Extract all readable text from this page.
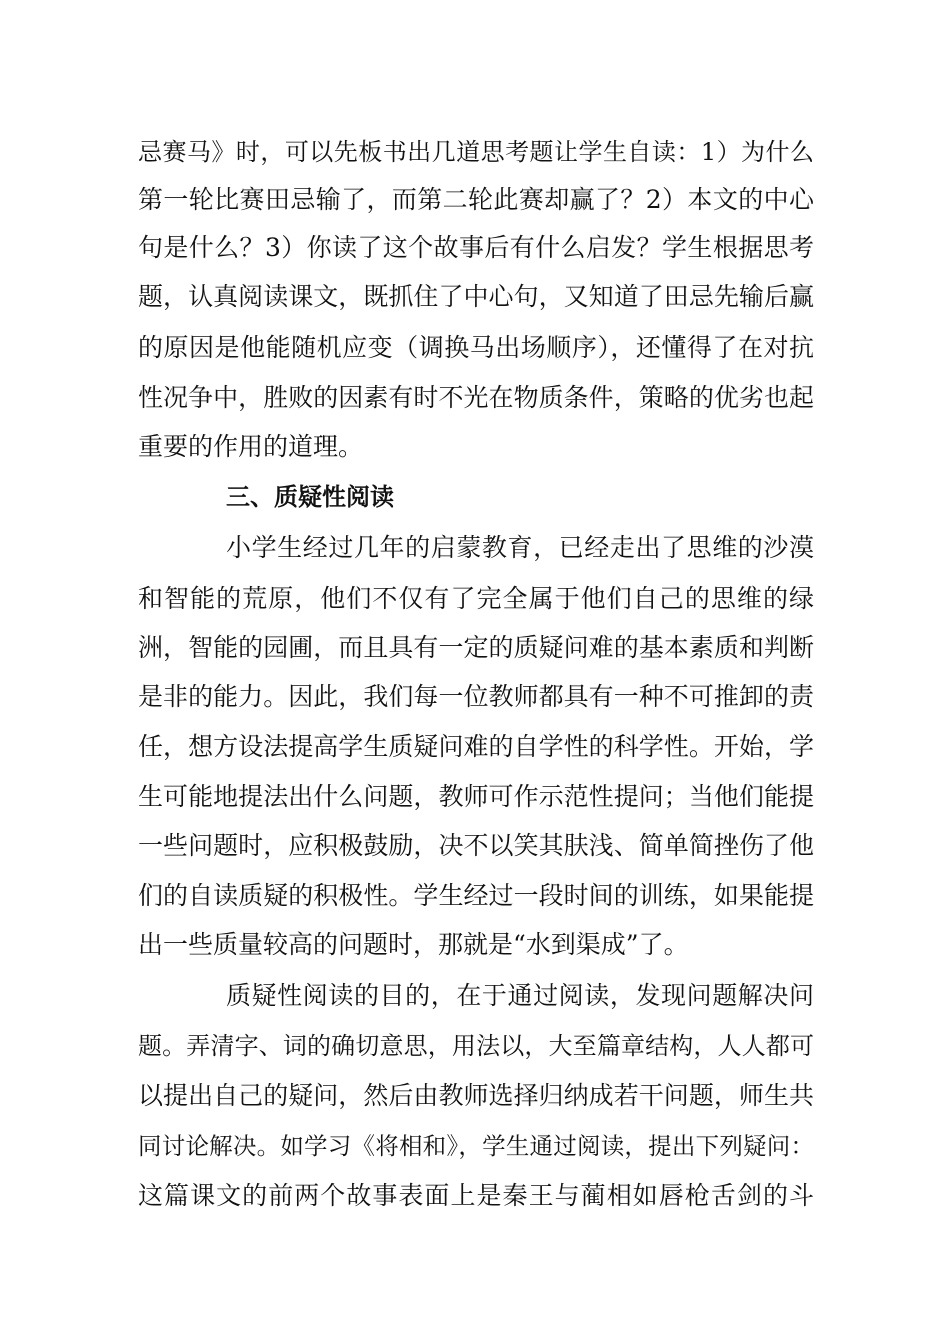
忌赛马》时，可以先板书出几道思考题让学生自读：1）为什么

第一轮比赛田忌输了，而第二轮此赛却赢了？2）本文的中心

句是什么？3）你读了这个故事后有什么启发？学生根据思考

题，认真阅读课文，既抓住了中心句，又知道了田忌先输后赢

的原因是他能随机应变（调换马出场顺序），还懂得了在对抗

性况争中，胜败的因素有时不光在物质条件，策略的优劣也起

重要的作用的道理。

三、质疑性阅读

小学生经过几年的启蒙教育，已经走出了思维的沙漠

和智能的荒原，他们不仅有了完全属于他们自己的思维的绿

洲，智能的园圃，而且具有一定的质疑问难的基本素质和判断

是非的能力。因此，我们每一位教师都具有一种不可推卸的责

任，想方设法提高学生质疑问难的自学性的科学性。开始，学

生可能地提法出什么问题，教师可作示范性提问；当他们能提

一些问题时，应积极鼓励，决不以笑其肤浅、简单简挫伤了他

们的自读质疑的积极性。学生经过一段时间的训练，如果能提

出一些质量较高的问题时，那就是“水到渠成”了。

质疑性阅读的目的，在于通过阅读，发现问题解决问

题。弄清字、词的确切意思，用法以，大至篇章结构，人人都可

以提出自己的疑问，然后由教师选择归纳成若干问题，师生共

同讨论解决。如学习《将相和》，学生通过阅读，提出下列疑问：

这篇课文的前两个故事表面上是秦王与蔺相如唇枪舌剑的斗
